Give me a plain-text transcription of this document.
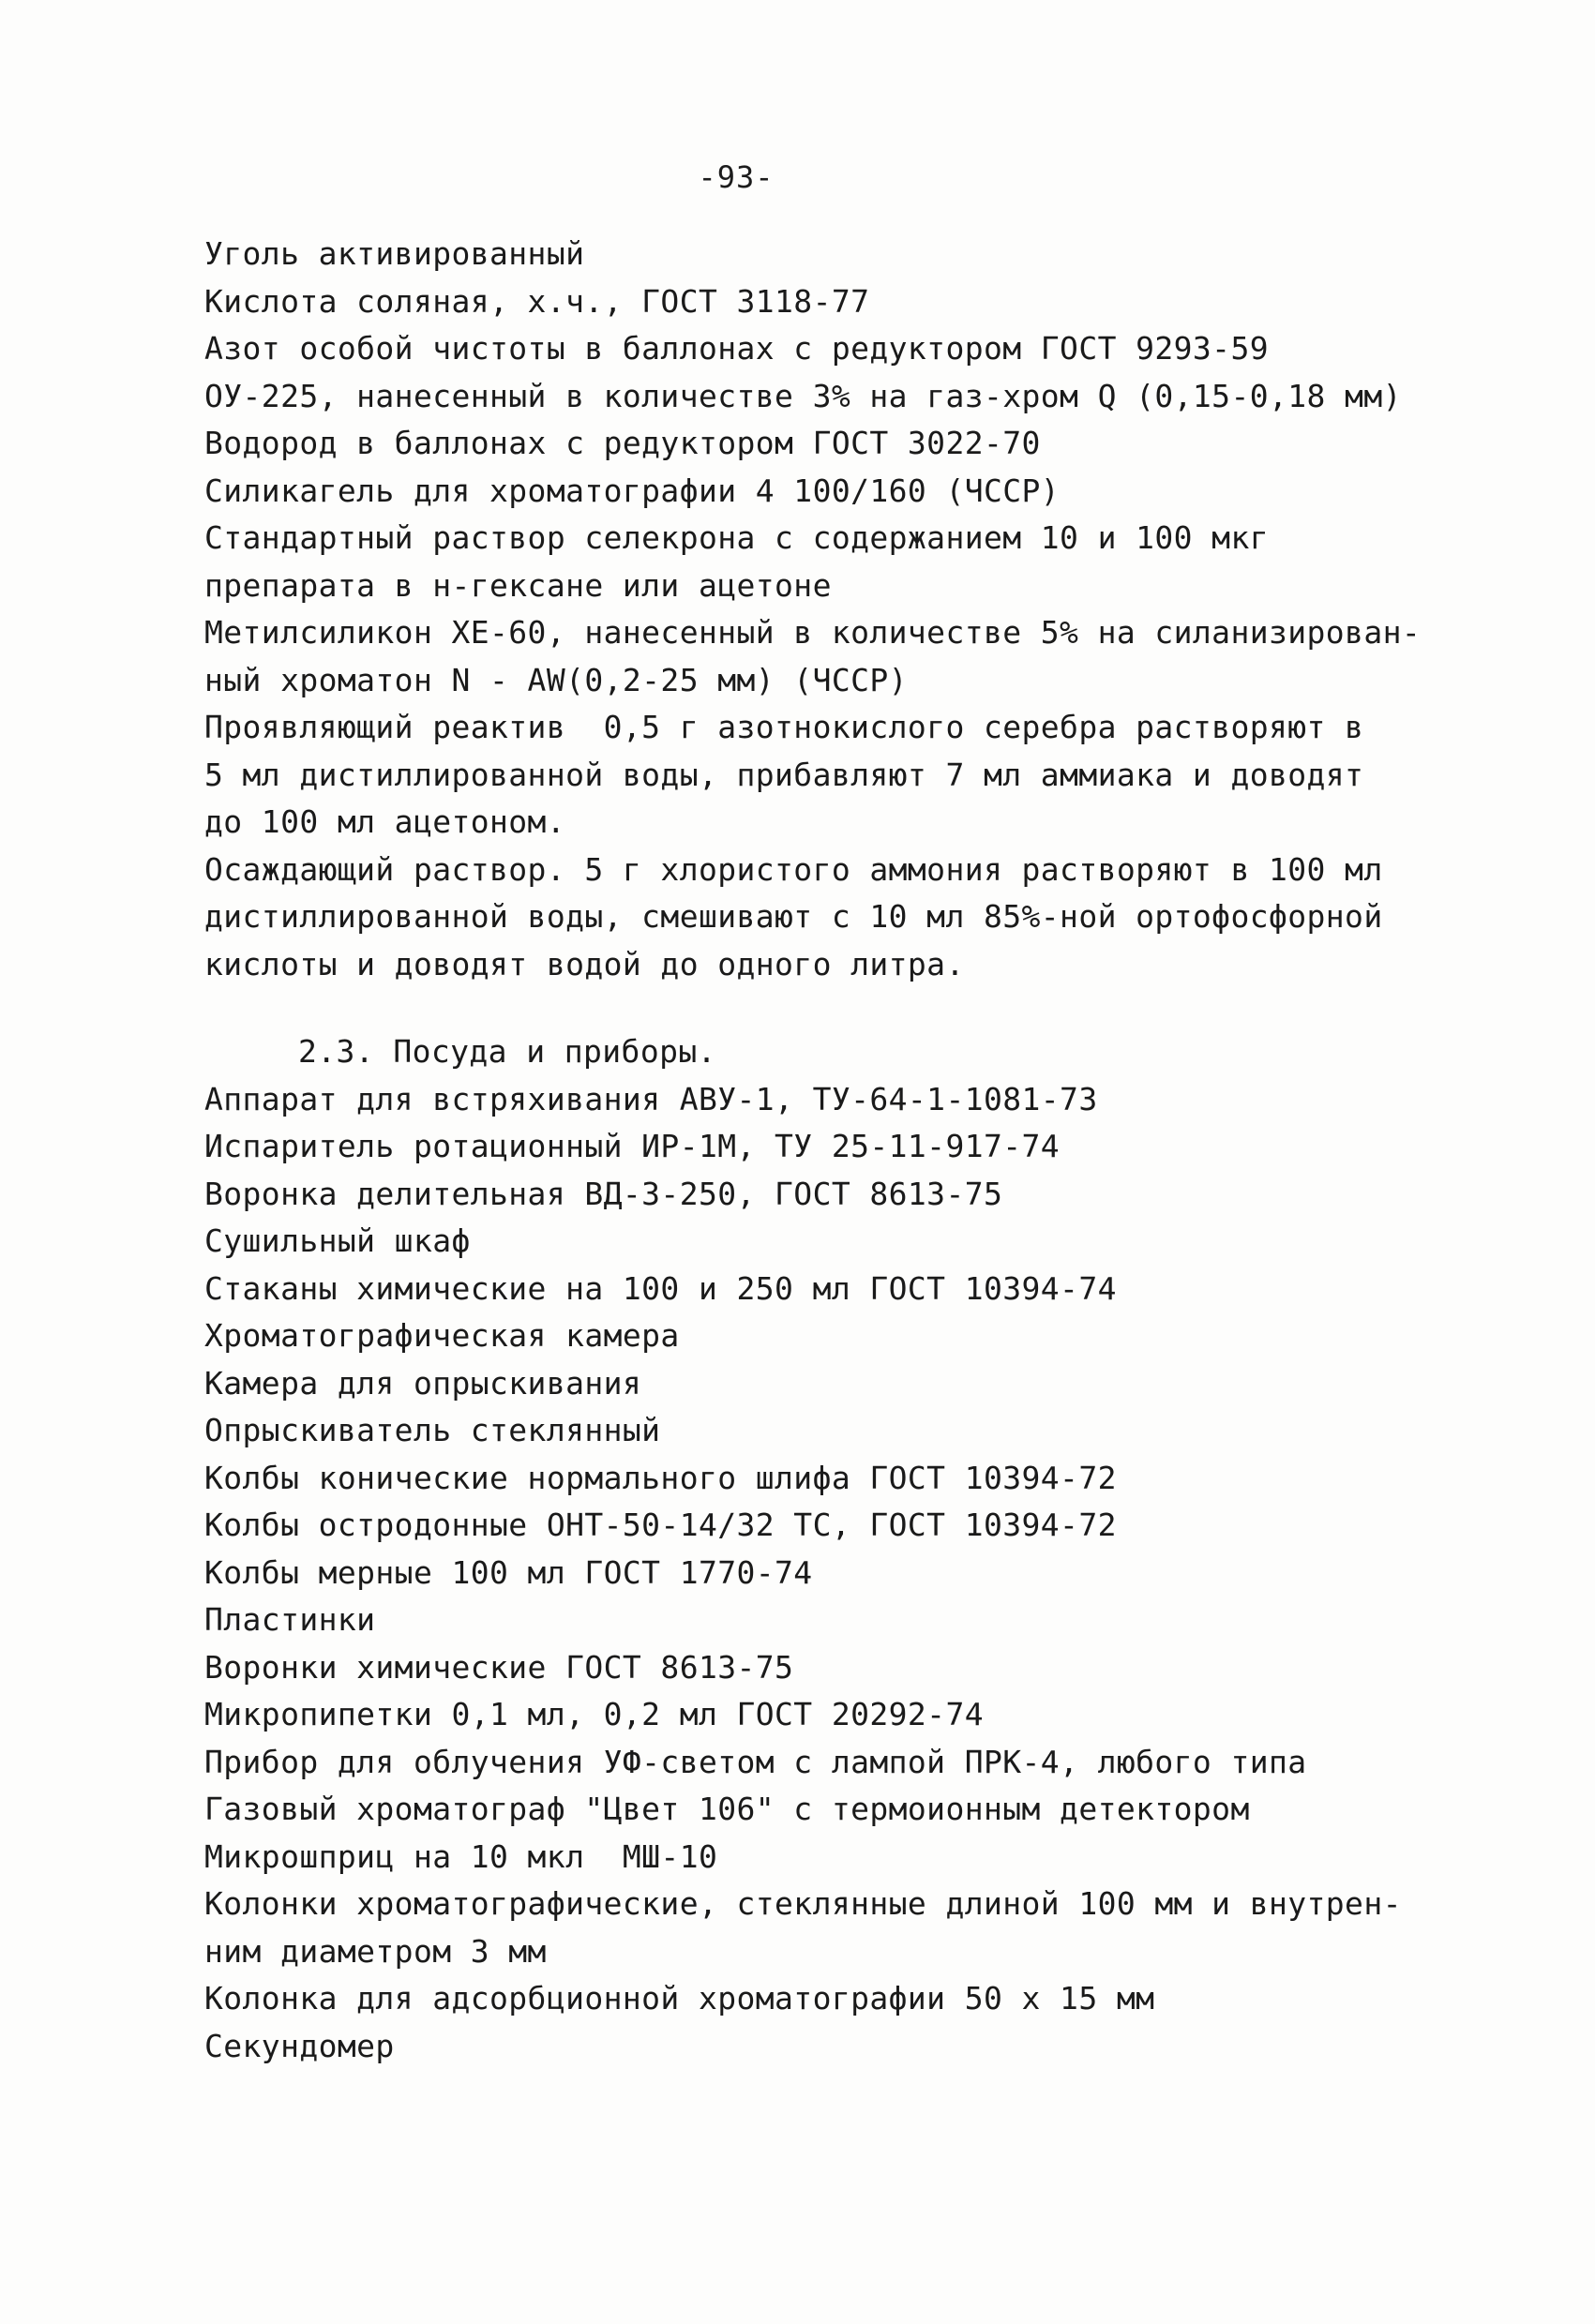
-93-
Уголь активированный
Кислота соляная, х.ч., ГОСТ 3118-77
Азот особой чистоты в баллонах с редуктором ГОСТ 9293-59
ОУ-225, нанесенный в количестве 3% на газ-хром Q (0,15-0,18 мм)
Водород в баллонах с редуктором ГОСТ 3022-70
Силикагель для хроматографии 4 100/160 (ЧССР)
Стандартный раствор селекрона с содержанием 10 и 100 мкг
препарата в н-гексане или ацетоне
Метилсиликон ХЕ-60, нанесенный в количестве 5% на силанизирован-
ный хроматон N - AW(0,2-25 мм) (ЧССР)
Проявляющий реактив  0,5 г азотнокислого серебра растворяют в
5 мл дистиллированной воды, прибавляют 7 мл аммиака и доводят
до 100 мл ацетоном.
Осаждающий раствор. 5 г хлористого аммония растворяют в 100 мл
дистиллированной воды, смешивают с 10 мл 85%-ной ортофосфорной
кислоты и доводят водой до одного литра.
2.3. Посуда и приборы.
Аппарат для встряхивания АВУ-1, ТУ-64-1-1081-73
Испаритель ротационный ИР-1М, ТУ 25-11-917-74
Воронка делительная ВД-3-250, ГОСТ 8613-75
Сушильный шкаф
Стаканы химические на 100 и 250 мл ГОСТ 10394-74
Хроматографическая камера
Камера для опрыскивания
Опрыскиватель стеклянный
Колбы конические нормального шлифа ГОСТ 10394-72
Колбы остродонные ОНТ-50-14/32 ТС, ГОСТ 10394-72
Колбы мерные 100 мл ГОСТ 1770-74
Пластинки
Воронки химические ГОСТ 8613-75
Микропипетки 0,1 мл, 0,2 мл ГОСТ 20292-74
Прибор для облучения УФ-светом с лампой ПРК-4, любого типа
Газовый хроматограф "Цвет 106" с термоионным детектором
Микрошприц на 10 мкл  МШ-10
Колонки хроматографические, стеклянные длиной 100 мм и внутрен-
ним диаметром 3 мм
Колонка для адсорбционной хроматографии 50 х 15 мм
Секундомер
